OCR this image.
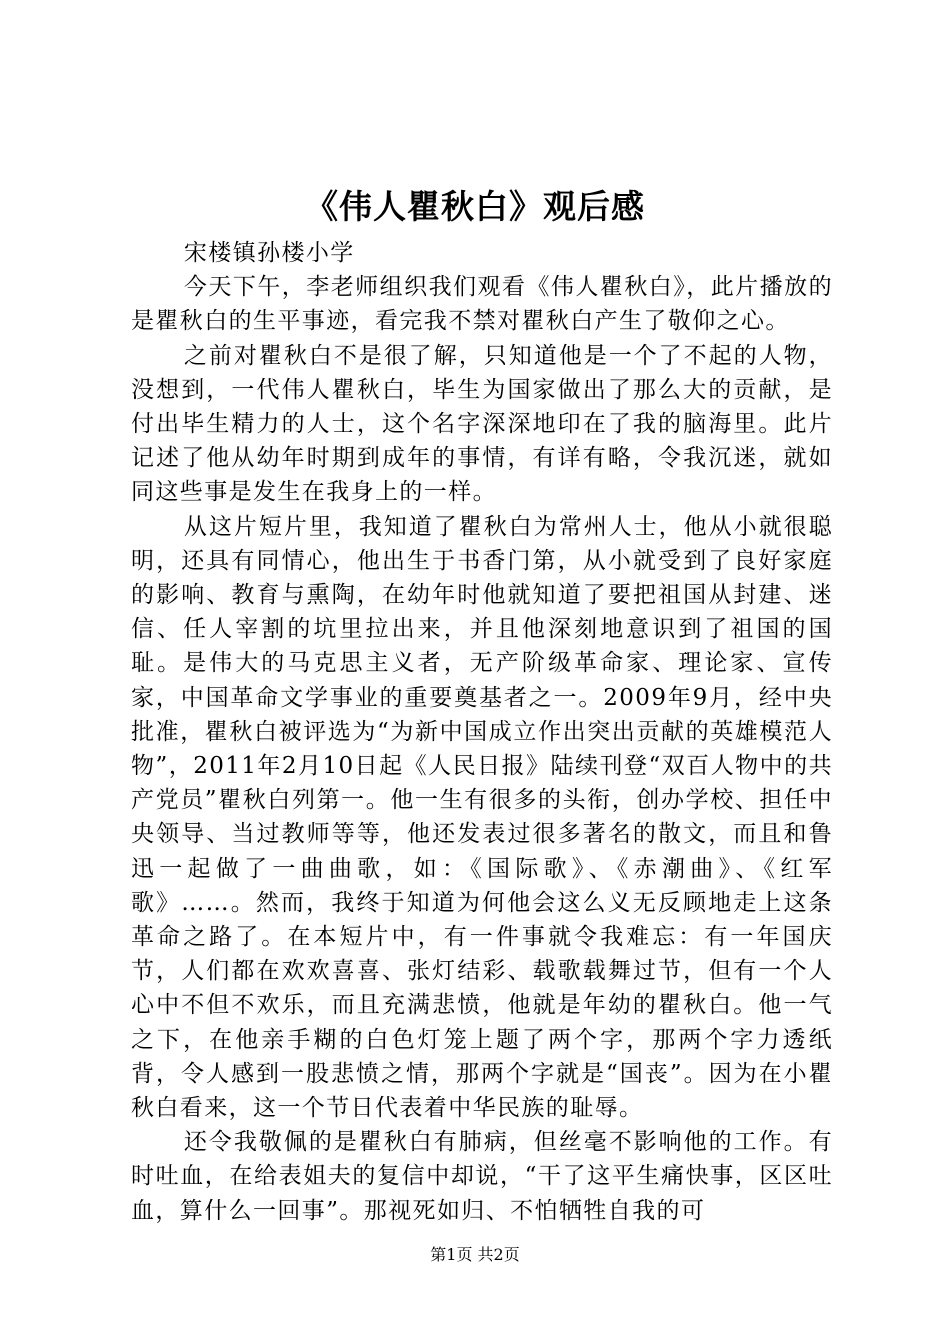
《伟人瞿秋白》观后感

宋楼镇孙楼小学

今天下午，李老师组织我们观看《伟人瞿秋白》，此片播放的是瞿秋白的生平事迹，看完我不禁对瞿秋白产生了敬仰之心。

之前对瞿秋白不是很了解，只知道他是一个了不起的人物，没想到，一代伟人瞿秋白，毕生为国家做出了那么大的贡献，是付出毕生精力的人士，这个名字深深地印在了我的脑海里。此片记述了他从幼年时期到成年的事情，有详有略，令我沉迷，就如同这些事是发生在我身上的一样。

从这片短片里，我知道了瞿秋白为常州人士，他从小就很聪明，还具有同情心，他出生于书香门第，从小就受到了良好家庭的影响、教育与熏陶，在幼年时他就知道了要把祖国从封建、迷信、任人宰割的坑里拉出来，并且他深刻地意识到了祖国的国耻。是伟大的马克思主义者，无产阶级革命家、理论家、宣传家，中国革命文学事业的重要奠基者之一。2009年9月，经中央批准，瞿秋白被评选为“为新中国成立作出突出贡献的英雄模范人物”，2011年2月10日起《人民日报》陆续刊登“双百人物中的共产党员”瞿秋白列第一。他一生有很多的头衔，创办学校、担任中央领导、当过教师等等，他还发表过很多著名的散文，而且和鲁迅一起做了一曲曲歌，如：《国际歌》、《赤潮曲》、《红军歌》……。然而，我终于知道为何他会这么义无反顾地走上这条革命之路了。在本短片中，有一件事就令我难忘：有一年国庆节，人们都在欢欢喜喜、张灯结彩、载歌载舞过节，但有一个人心中不但不欢乐，而且充满悲愤，他就是年幼的瞿秋白。他一气之下，在他亲手糊的白色灯笼上题了两个字，那两个字力透纸背，令人感到一股悲愤之情，那两个字就是“国丧”。因为在小瞿秋白看来，这一个节日代表着中华民族的耻辱。

还令我敬佩的是瞿秋白有肺病，但丝毫不影响他的工作。有时吐血，在给表姐夫的复信中却说，“干了这平生痛快事，区区吐血，算什么一回事”。那视死如归、不怕牺牲自我的可

第1页 共2页
